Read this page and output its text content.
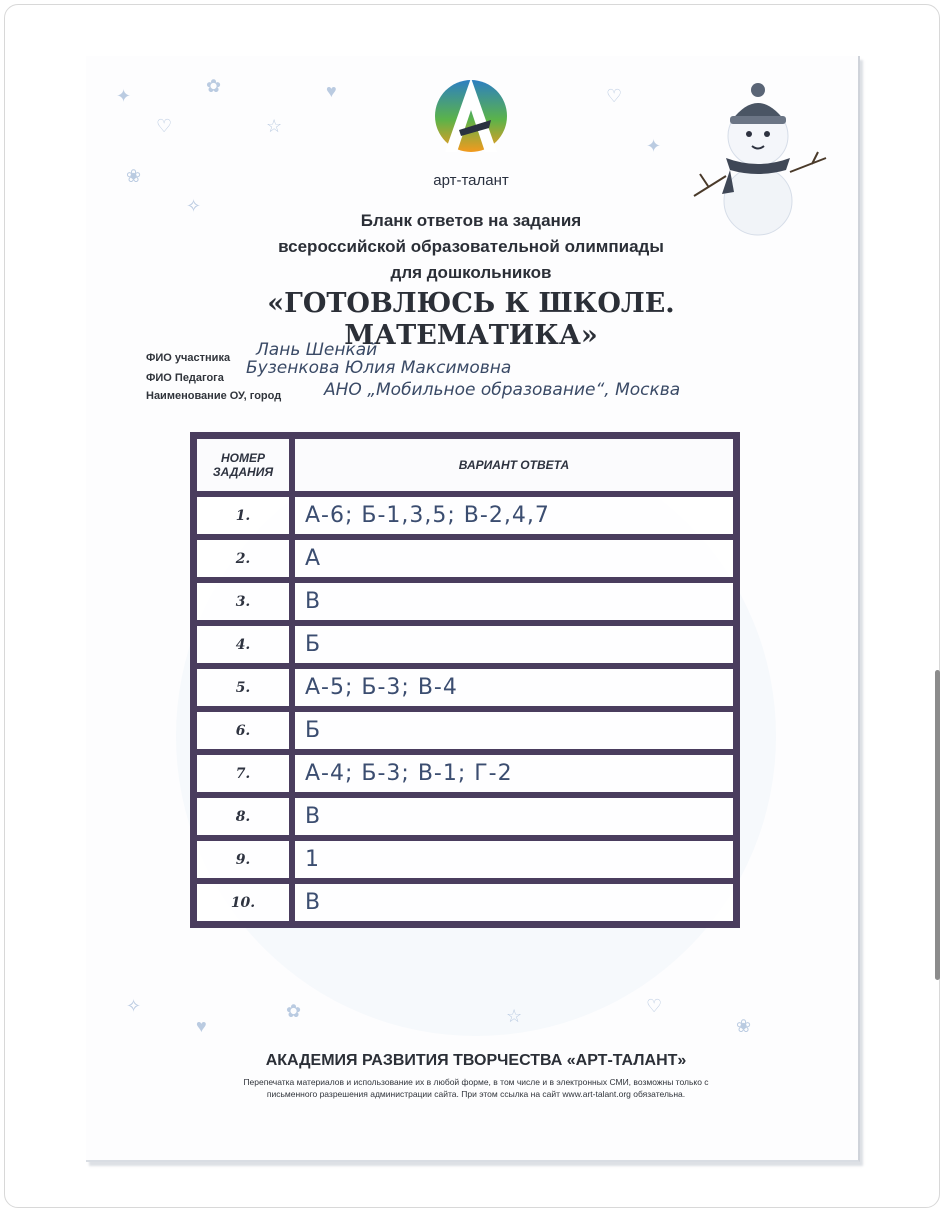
✦
♡
✿
☆
♥
❀
✧
♡
✦
✧
♥
✿	☆	♡
❀
арт-талант
Бланк ответов на задания
всероссийской образовательной олимпиады
для дошкольников
«ГОТОВЛЮСЬ К ШКОЛЕ.
МАТЕМАТИКА»
ФИО участника Лань Шенкай
ФИО Педагога Бузенкова Юлия Максимовна
Наименование ОУ, город	АНО „Мобильное образование“, Москва
НОМЕР ЗАДАНИЯ	ВАРИАНТ ОТВЕТА
1.	А-6; Б-1,3,5; В-2,4,7
2.	А
3.	В
4.	Б
5.	А-5; Б-3; В-4
6.	Б
7.	А-4; Б-3; В-1; Г-2
8.	В
9.	1
10.	В
АКАДЕМИЯ РАЗВИТИЯ ТВОРЧЕСТВА «АРТ-ТАЛАНТ»
Перепечатка материалов и использование их в любой форме, в том числе и в электронных СМИ, возможны только с
письменного разрешения администрации сайта. При этом ссылка на сайт www.art-talant.org обязательна.
